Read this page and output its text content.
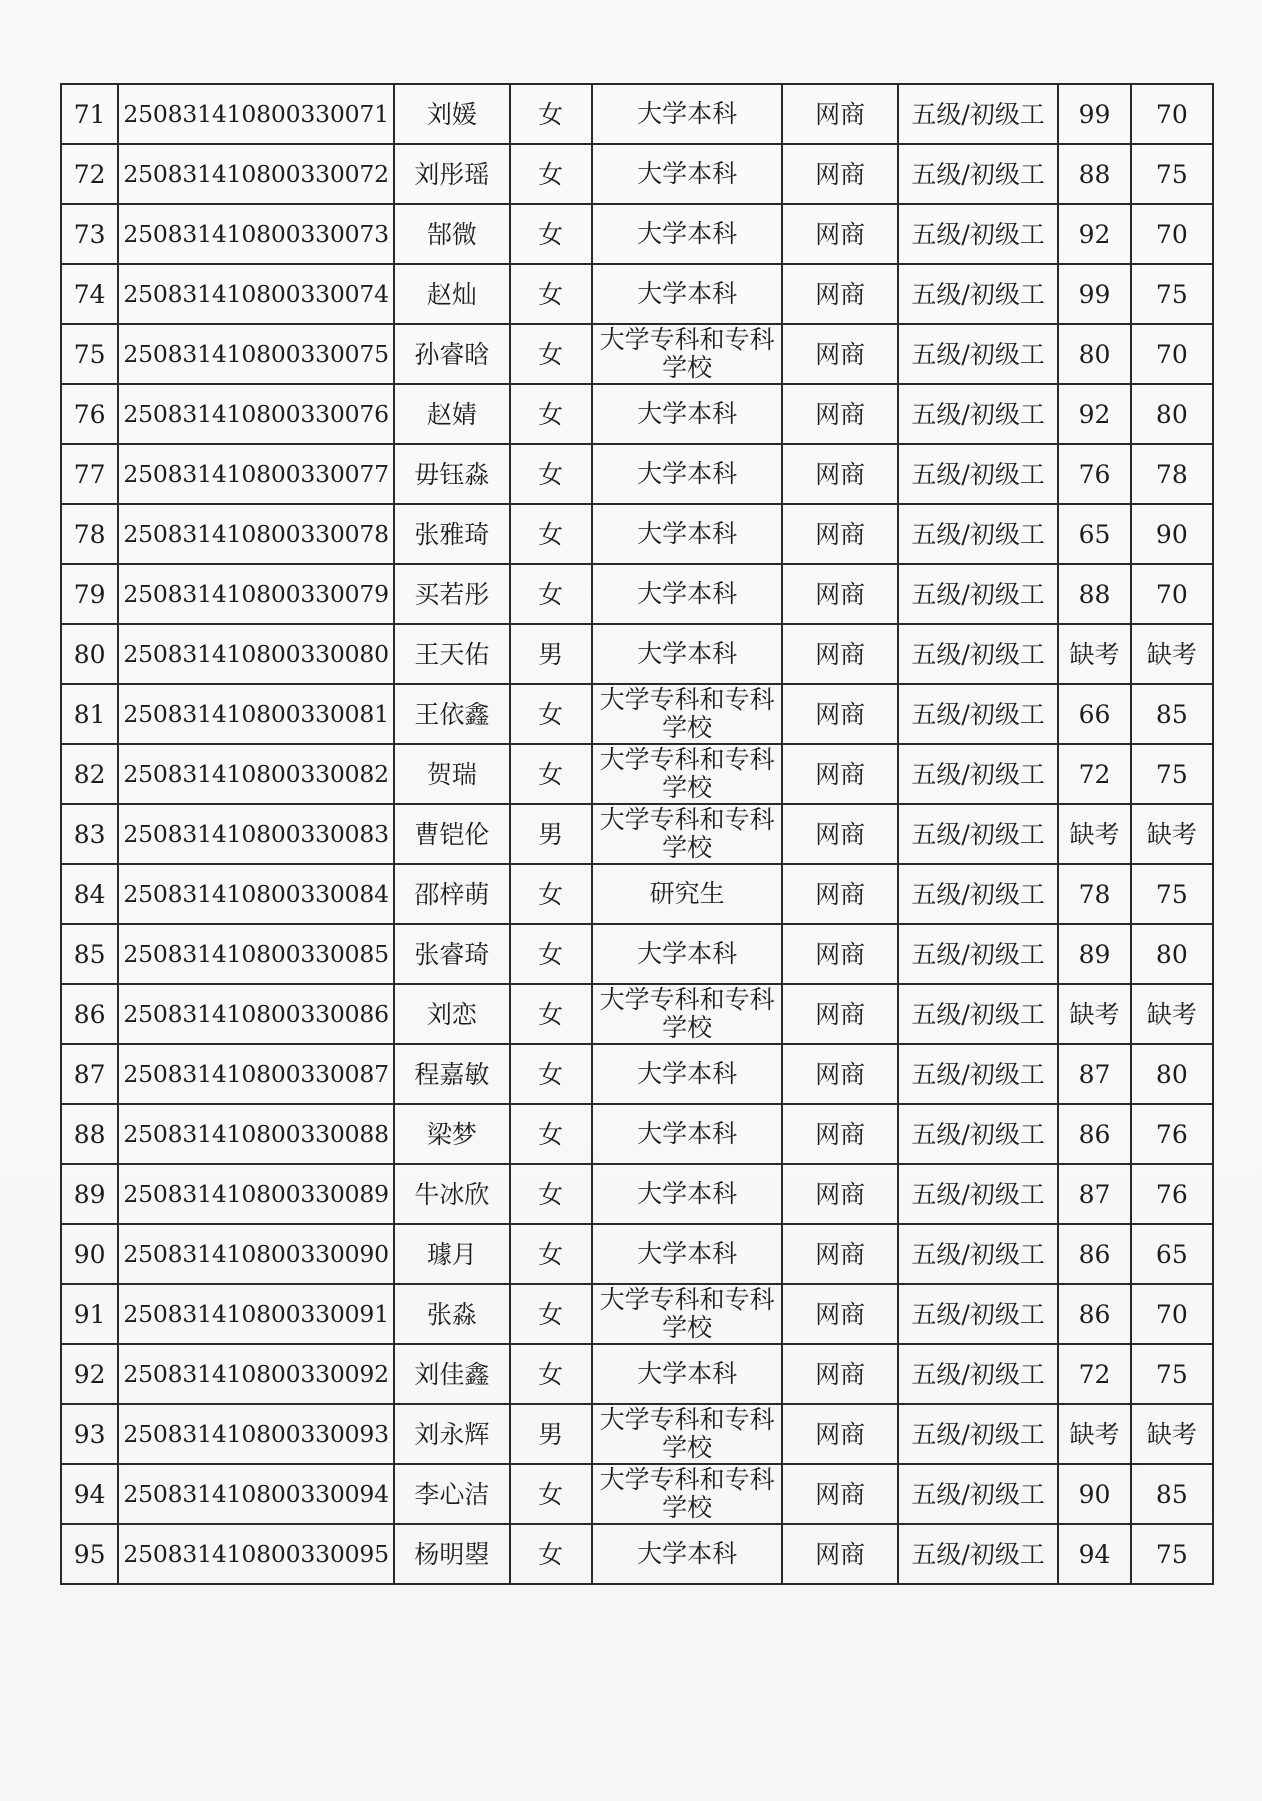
71	250831410800330071	刘媛	女	大学本科	网商	五级/初级工	99	70
72	250831410800330072	刘彤瑶	女	大学本科	网商	五级/初级工	88	75
73	250831410800330073	郜微	女	大学本科	网商	五级/初级工	92	70
74	250831410800330074	赵灿	女	大学本科	网商	五级/初级工	99	75
75	250831410800330075	孙睿晗	女	大学专科和专科学校	网商	五级/初级工	80	70
76	250831410800330076	赵婧	女	大学本科	网商	五级/初级工	92	80
77	250831410800330077	毋钰淼	女	大学本科	网商	五级/初级工	76	78
78	250831410800330078	张雅琦	女	大学本科	网商	五级/初级工	65	90
79	250831410800330079	买若彤	女	大学本科	网商	五级/初级工	88	70
80	250831410800330080	王天佑	男	大学本科	网商	五级/初级工	缺考	缺考
81	250831410800330081	王依鑫	女	大学专科和专科学校	网商	五级/初级工	66	85
82	250831410800330082	贺瑞	女	大学专科和专科学校	网商	五级/初级工	72	75
83	250831410800330083	曹铠伦	男	大学专科和专科学校	网商	五级/初级工	缺考	缺考
84	250831410800330084	邵梓萌	女	研究生	网商	五级/初级工	78	75
85	250831410800330085	张睿琦	女	大学本科	网商	五级/初级工	89	80
86	250831410800330086	刘恋	女	大学专科和专科学校	网商	五级/初级工	缺考	缺考
87	250831410800330087	程嘉敏	女	大学本科	网商	五级/初级工	87	80
88	250831410800330088	梁梦	女	大学本科	网商	五级/初级工	86	76
89	250831410800330089	牛冰欣	女	大学本科	网商	五级/初级工	87	76
90	250831410800330090	璩月	女	大学本科	网商	五级/初级工	86	65
91	250831410800330091	张淼	女	大学专科和专科学校	网商	五级/初级工	86	70
92	250831410800330092	刘佳鑫	女	大学本科	网商	五级/初级工	72	75
93	250831410800330093	刘永辉	男	大学专科和专科学校	网商	五级/初级工	缺考	缺考
94	250831410800330094	李心洁	女	大学专科和专科学校	网商	五级/初级工	90	85
95	250831410800330095	杨明曌	女	大学本科	网商	五级/初级工	94	75
